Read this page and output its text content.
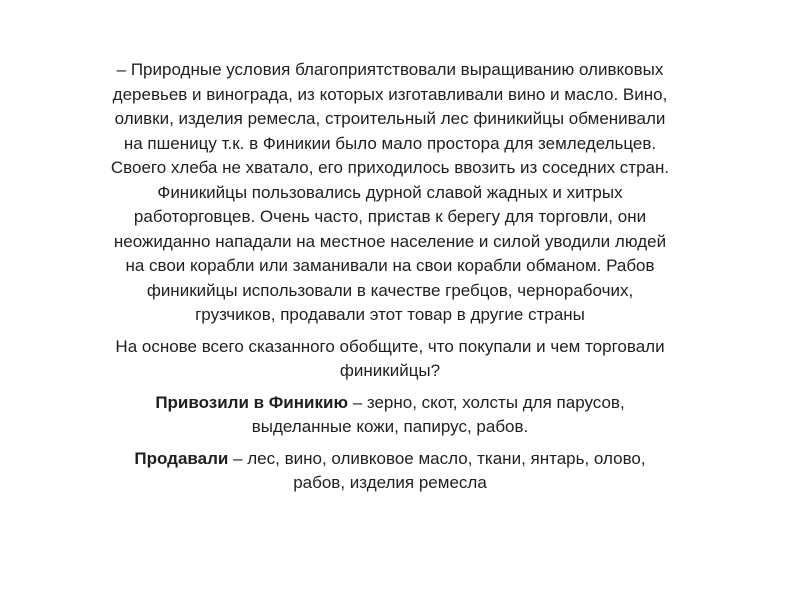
– Природные условия благоприятствовали выращиванию оливковых деревьев и винограда, из которых изготавливали вино и масло. Вино, оливки, изделия ремесла, строительный лес финикийцы обменивали на пшеницу т.к. в Финикии было мало простора для земледельцев. Своего хлеба не хватало, его приходилось ввозить из соседних стран. Финикийцы пользовались дурной славой жадных и хитрых работорговцев. Очень часто, пристав к берегу для торговли, они неожиданно нападали на местное население и силой уводили людей на свои корабли или заманивали на свои корабли обманом. Рабов финикийцы использовали в качестве гребцов, чернорабочих, грузчиков, продавали этот товар в другие страны

На основе всего сказанного обобщите, что покупали и чем торговали финикийцы?

Привозили в Финикию – зерно, скот, холсты для парусов, выделанные кожи, папирус, рабов.

Продавали – лес, вино, оливковое масло, ткани, янтарь, олово, рабов, изделия ремесла
